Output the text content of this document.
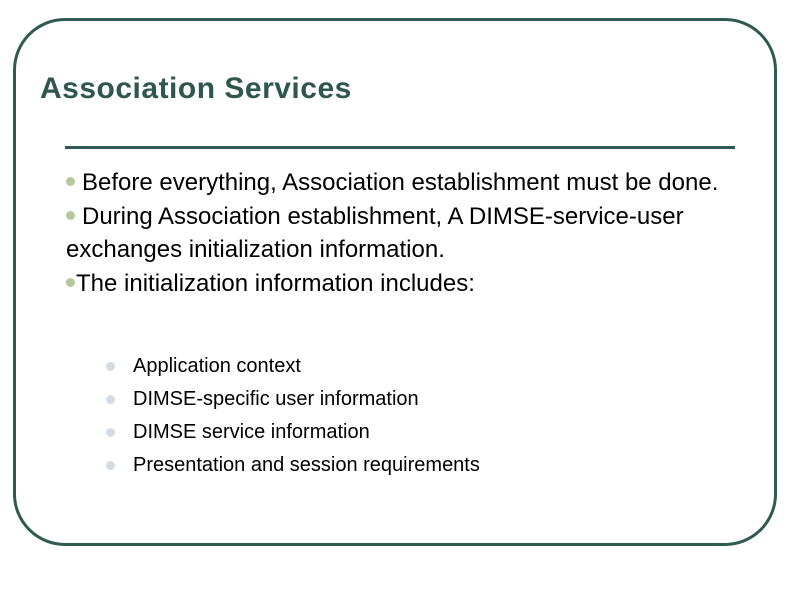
Association Services

Before everything, Association establishment must be done.

During Association establishment, A DIMSE-service-user exchanges initialization information.

The initialization information includes:

Application context
DIMSE-specific user information
DIMSE service information
Presentation and session requirements
